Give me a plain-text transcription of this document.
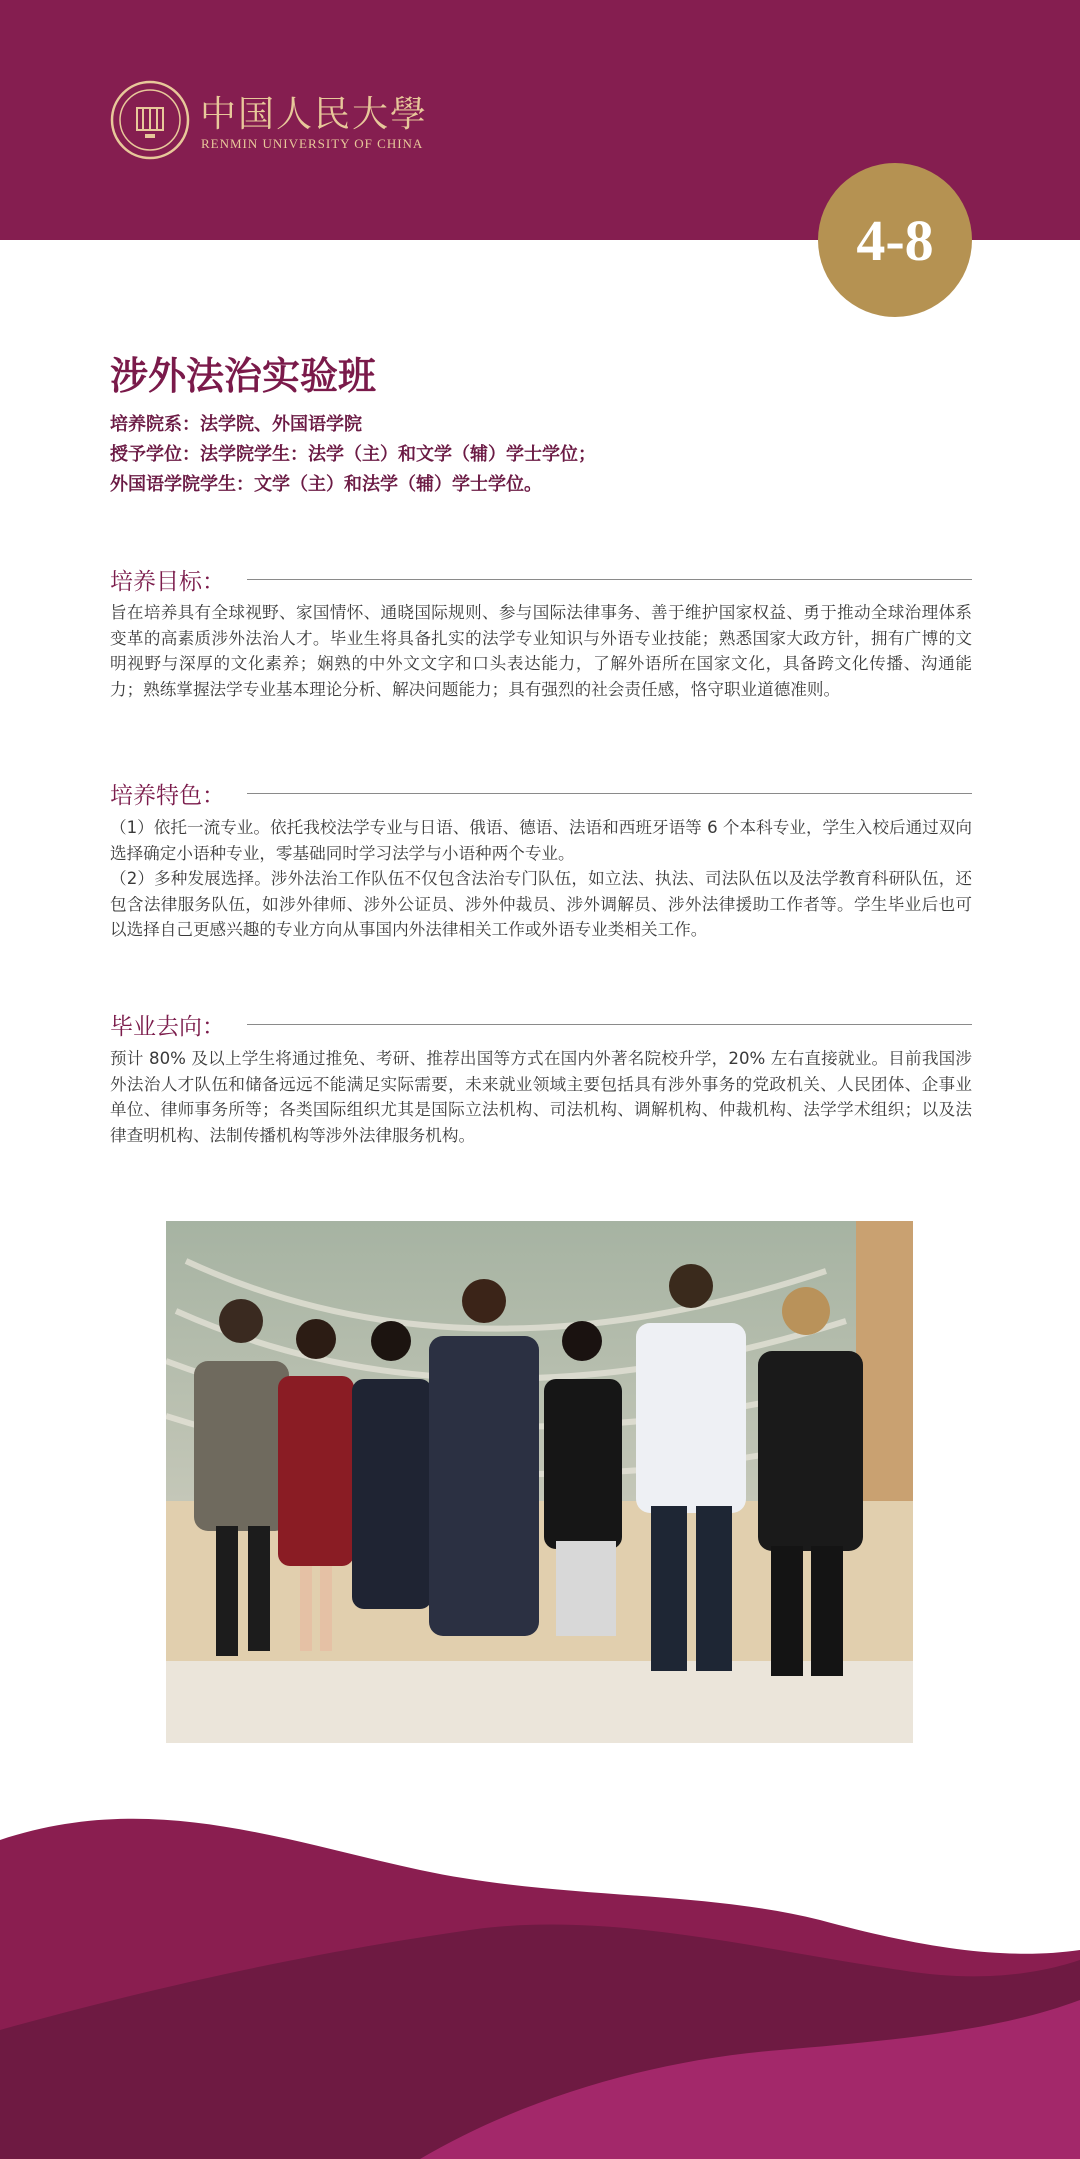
中国人民大學
RENMIN UNIVERSITY OF CHINA
4-8
涉外法治实验班
培养院系：法学院、外国语学院
授予学位：法学院学生：法学（主）和文学（辅）学士学位；
外国语学院学生：文学（主）和法学（辅）学士学位。
培养目标：

旨在培养具有全球视野、家国情怀、通晓国际规则、参与国际法律事务、善于维护国家权益、勇于推动全球治理体系变革的高素质涉外法治人才。毕业生将具备扎实的法学专业知识与外语专业技能；熟悉国家大政方针，拥有广博的文明视野与深厚的文化素养；娴熟的中外文文字和口头表达能力，了解外语所在国家文化，具备跨文化传播、沟通能力；熟练掌握法学专业基本理论分析、解决问题能力；具有强烈的社会责任感，恪守职业道德准则。

培养特色：

（1）依托一流专业。依托我校法学专业与日语、俄语、德语、法语和西班牙语等 6 个本科专业，学生入校后通过双向选择确定小语种专业，零基础同时学习法学与小语种两个专业。

（2）多种发展选择。涉外法治工作队伍不仅包含法治专门队伍，如立法、执法、司法队伍以及法学教育科研队伍，还包含法律服务队伍，如涉外律师、涉外公证员、涉外仲裁员、涉外调解员、涉外法律援助工作者等。学生毕业后也可以选择自己更感兴趣的专业方向从事国内外法律相关工作或外语专业类相关工作。

毕业去向：

预计 80% 及以上学生将通过推免、考研、推荐出国等方式在国内外著名院校升学，20% 左右直接就业。目前我国涉外法治人才队伍和储备远远不能满足实际需要，未来就业领域主要包括具有涉外事务的党政机关、人民团体、企事业单位、律师事务所等；各类国际组织尤其是国际立法机构、司法机构、调解机构、仲裁机构、法学学术组织；以及法律查明机构、法制传播机构等涉外法律服务机构。
